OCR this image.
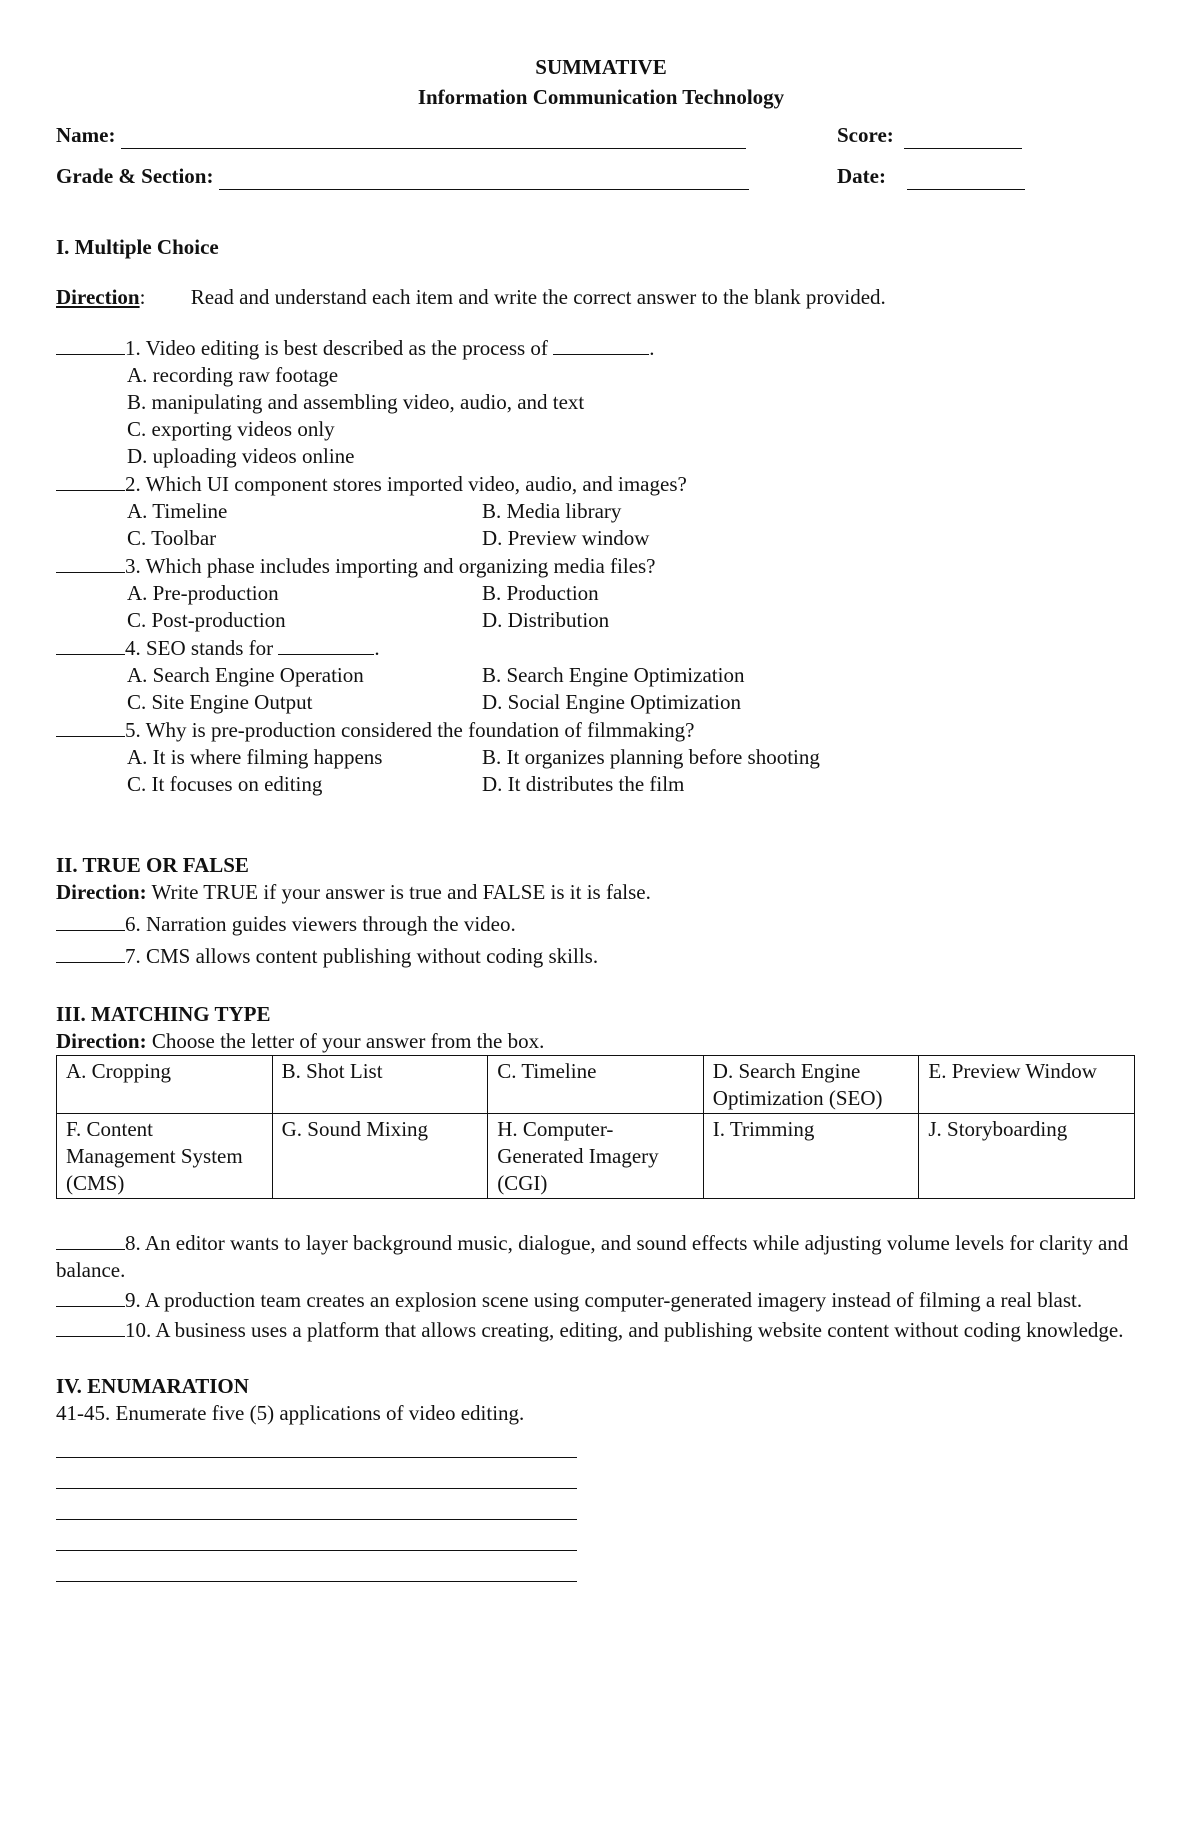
SUMMATIVE
Information Communication Technology
Name:	Score:
Grade & Section:	Date:
I. Multiple Choice
Direction: Read and understand each item and write the correct answer to the blank provided.
1. Video editing is best described as the process of	.
A. recording raw footage
B. manipulating and assembling video, audio, and text
C. exporting videos only
D. uploading videos online
2. Which UI component stores imported video, audio, and images?
A. Timeline	B. Media library
C. Toolbar	D. Preview window
3. Which phase includes importing and organizing media files?
A. Pre-production	B. Production
C. Post-production	D. Distribution
4. SEO stands for	.
A. Search Engine Operation	B. Search Engine Optimization
C. Site Engine Output	D. Social Engine Optimization
5. Why is pre-production considered the foundation of filmmaking?
A. It is where filming happens	B. It organizes planning before shooting
C. It focuses on editing	D. It distributes the film
II. TRUE OR FALSE
Direction: Write TRUE if your answer is true and FALSE is it is false.
6. Narration guides viewers through the video.
7. CMS allows content publishing without coding skills.
III. MATCHING TYPE
Direction: Choose the letter of your answer from the box.
A. Cropping	B. Shot List	C. Timeline	D. Search Engine Optimization (SEO)	E. Preview Window
F. Content Management System (CMS)	G. Sound Mixing	H. Computer-Generated Imagery (CGI)	I. Trimming	J. Storyboarding
8. An editor wants to layer background music, dialogue, and sound effects while adjusting volume levels for clarity and balance.
9. A production team creates an explosion scene using computer-generated imagery instead of filming a real blast.
10. A business uses a platform that allows creating, editing, and publishing website content without coding knowledge.
IV. ENUMARATION
41-45. Enumerate five (5) applications of video editing.
